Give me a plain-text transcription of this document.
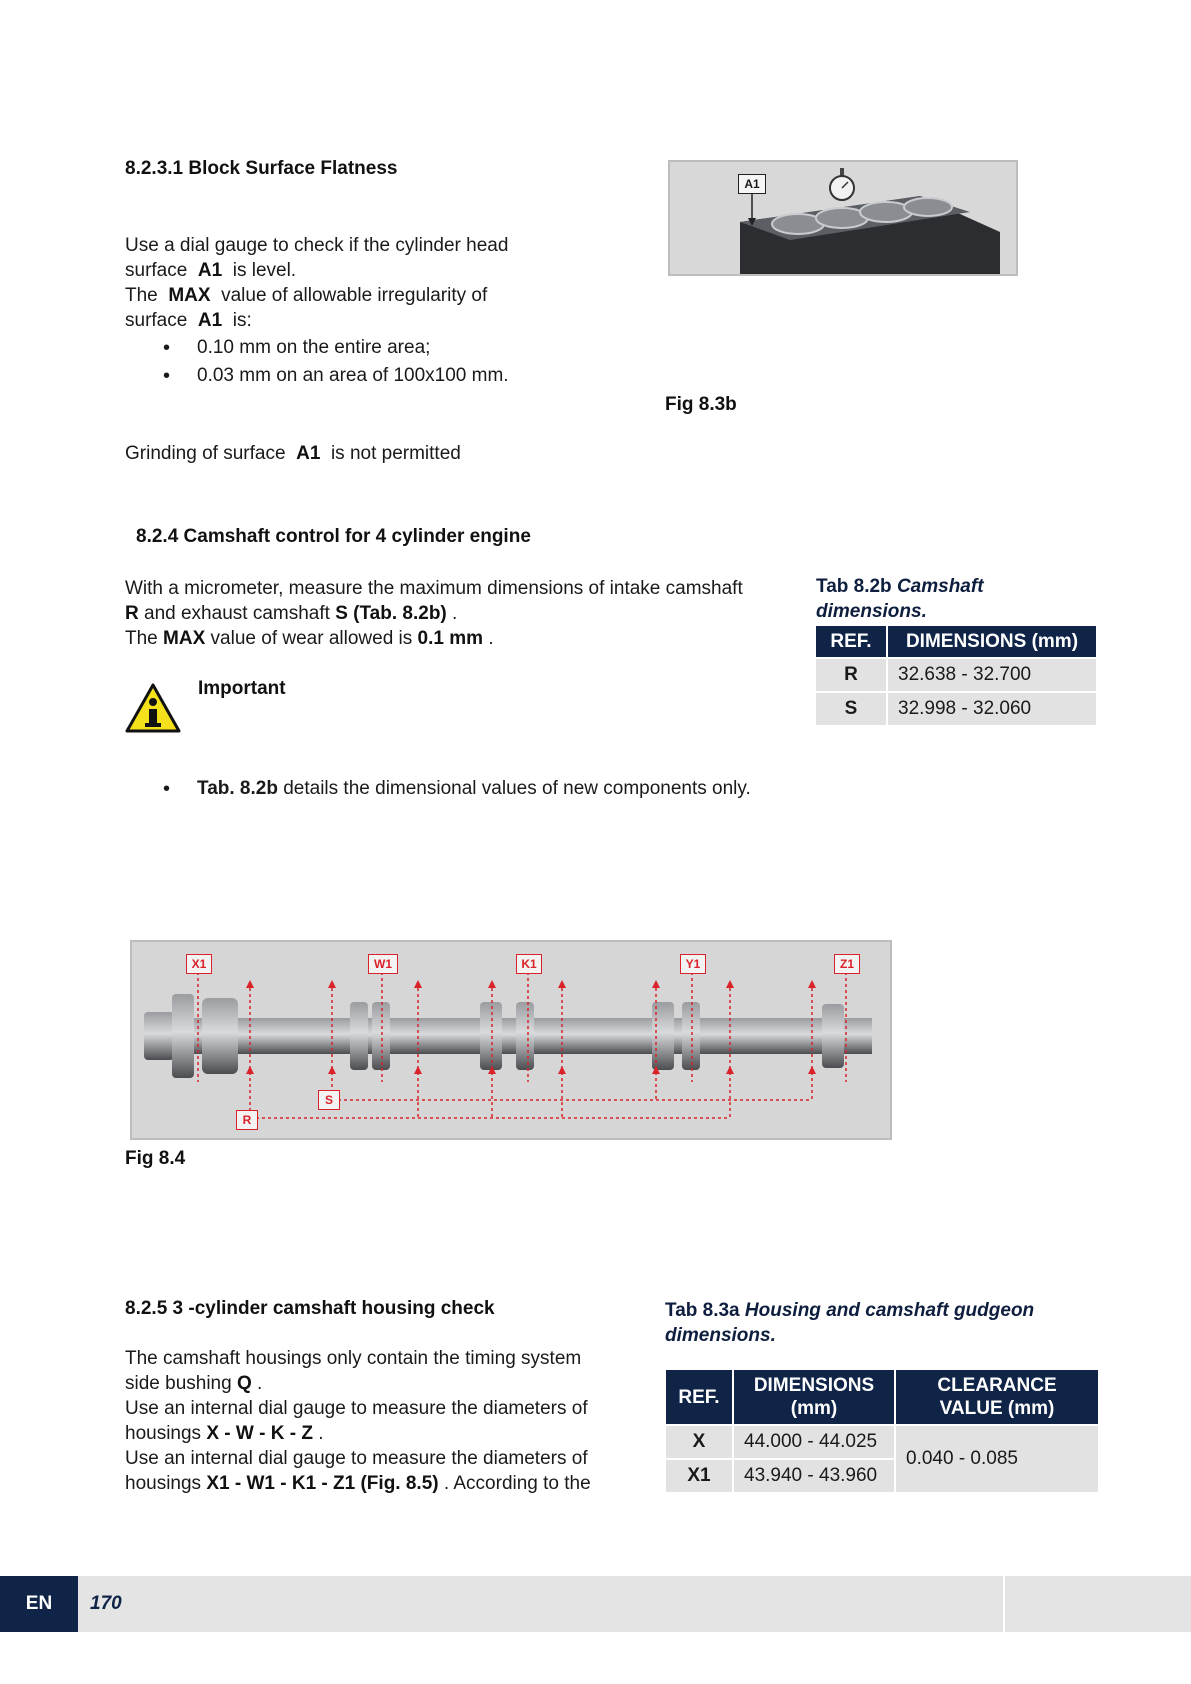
8.2.3.1 Block Surface Flatness
Use a dial gauge to check if the cylinder head
surface A1 is level.
The MAX value of allowable irregularity of
surface A1 is:
• 0.10 mm on the entire area;
• 0.03 mm on an area of 100x100 mm.
Grinding of surface A1 is not permitted
A1
Fig 8.3b
8.2.4 Camshaft control for 4 cylinder engine
With a micrometer, measure the maximum dimensions of intake camshaft
R and exhaust camshaft S (Tab. 8.2b) .
The MAX value of wear allowed is 0.1 mm .
Important
• Tab. 8.2b details the dimensional values of new components only.
Tab 8.2b Camshaft dimensions.
REF.	DIMENSIONS (mm)
R	32.638 - 32.700
S	32.998 - 32.060
X1	W1	K1	Y1	Z1
S
R
Fig 8.4
8.2.5 3 -cylinder camshaft housing check
The camshaft housings only contain the timing system
side bushing Q .
Use an internal dial gauge to measure the diameters of
housings X - W - K - Z .
Use an internal dial gauge to measure the diameters of
housings X1 - W1 - K1 - Z1 (Fig. 8.5) . According to the
Tab 8.3a Housing and camshaft gudgeon dimensions.
REF.	DIMENSIONS (mm)	CLEARANCE VALUE (mm)
X	44.000 - 44.025	0.040 - 0.085
X1	43.940 - 43.960	
EN	170
